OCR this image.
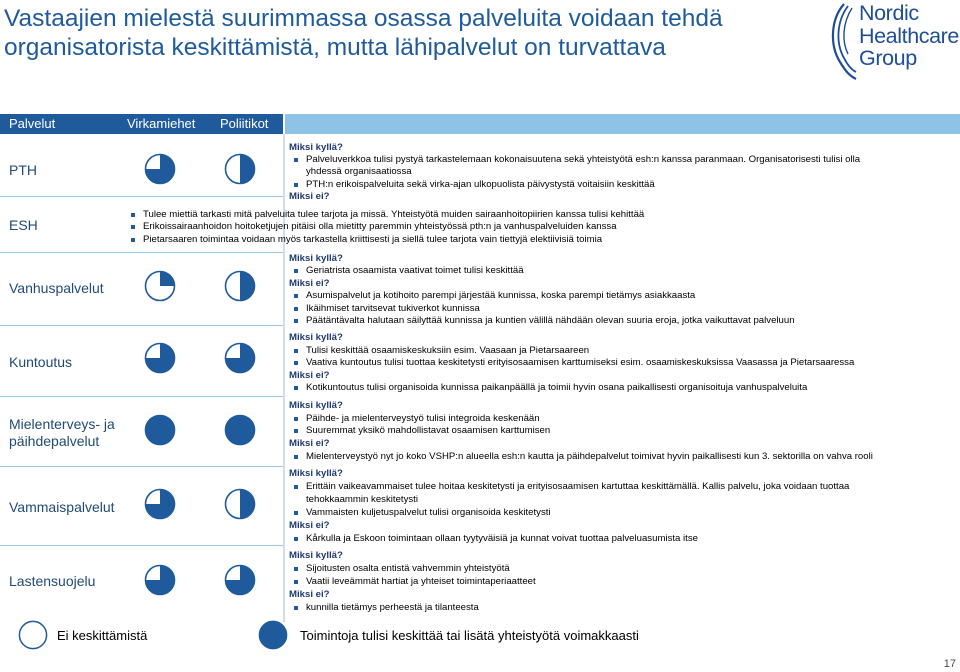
Vastaajien mielestä suurimmassa osassa palveluita voidaan tehdä
organisatorista keskittämistä, mutta lähipalvelut on turvattava
Nordic
Healthcare
Group
Palvelut	Virkamiehet Poliitikot
PTH
ESH
Vanhuspalvelut
Kuntoutus
Mielenterveys- ja
päihdepalvelut
Vammaispalvelut
Lastensuojelu
Miksi kyllä?
Palveluverkkoa tulisi pystyä tarkastelemaan kokonaisuutena sekä yhteistyötä esh:n kanssa paranmaan. Organisatorisesti tulisi olla
yhdessä organisaatiossa
PTH:n erikoispalveluita sekä virka-ajan ulkopuolista päivystystä voitaisiin keskittää
Miksi ei?
Tulee miettiä tarkasti mitä palveluita tulee tarjota ja missä. Yhteistyötä muiden sairaanhoitopiirien kanssa tulisi kehittää
Erikoissairaanhoidon hoitoketjujen pitäisi olla mietitty paremmin yhteistyössä pth:n ja vanhuspalveluiden kanssa
Pietarsaaren toimintaa voidaan myös tarkastella kriittisesti ja siellä tulee tarjota vain tiettyjä elektiivisiä toimia
Miksi kyllä?
Geriatrista osaamista vaativat toimet tulisi keskittää
Miksi ei?
Asumispalvelut ja kotihoito parempi järjestää kunnissa, koska parempi tietämys asiakkaasta
Ikäihmiset tarvitsevat tukiverkot kunnissa
Päätäntävalta halutaan säilyttää kunnissa ja kuntien välillä nähdään olevan suuria eroja, jotka vaikuttavat palveluun
Miksi kyllä?
Tulisi keskittää osaamiskeskuksiin esim. Vaasaan ja Pietarsaareen
Vaativa kuntoutus tulisi tuottaa keskitetysti erityisosaamisen karttumiseksi esim. osaamiskeskuksissa Vaasassa ja Pietarsaaressa
Miksi ei?
Kotikuntoutus tulisi organisoida kunnissa paikanpäällä ja toimii hyvin osana paikallisesti organisoituja vanhuspalveluita
Miksi kyllä?
Päihde- ja mielenterveystyö tulisi integroida keskenään
Suuremmat yksikö mahdollistavat osaamisen karttumisen
Miksi ei?
Mielenterveystyö nyt jo koko VSHP:n alueella esh:n kautta ja päihdepalvelut toimivat hyvin paikallisesti kun 3. sektorilla on vahva rooli
Miksi kyllä?
Erittäin vaikeavammaiset tulee hoitaa keskitetysti ja erityisosaamisen kartuttaa keskittämällä. Kallis palvelu, joka voidaan tuottaa
tehokkaammin keskitetysti
Vammaisten kuljetuspalvelut tulisi organisoida keskitetysti
Miksi ei?
Kårkulla ja Eskoon toimintaan ollaan tyytyväisiä ja kunnat voivat tuottaa palveluasumista itse
Miksi kyllä?
Sijoitusten osalta entistä vahvemmin yhteistyötä
Vaatii leveämmät hartiat ja yhteiset toimintaperiaatteet
Miksi ei?
kunnilla tietämys perheestä ja tilanteesta
Ei keskittämistä	Toimintoja tulisi keskittää tai lisätä yhteistyötä voimakkaasti
17
